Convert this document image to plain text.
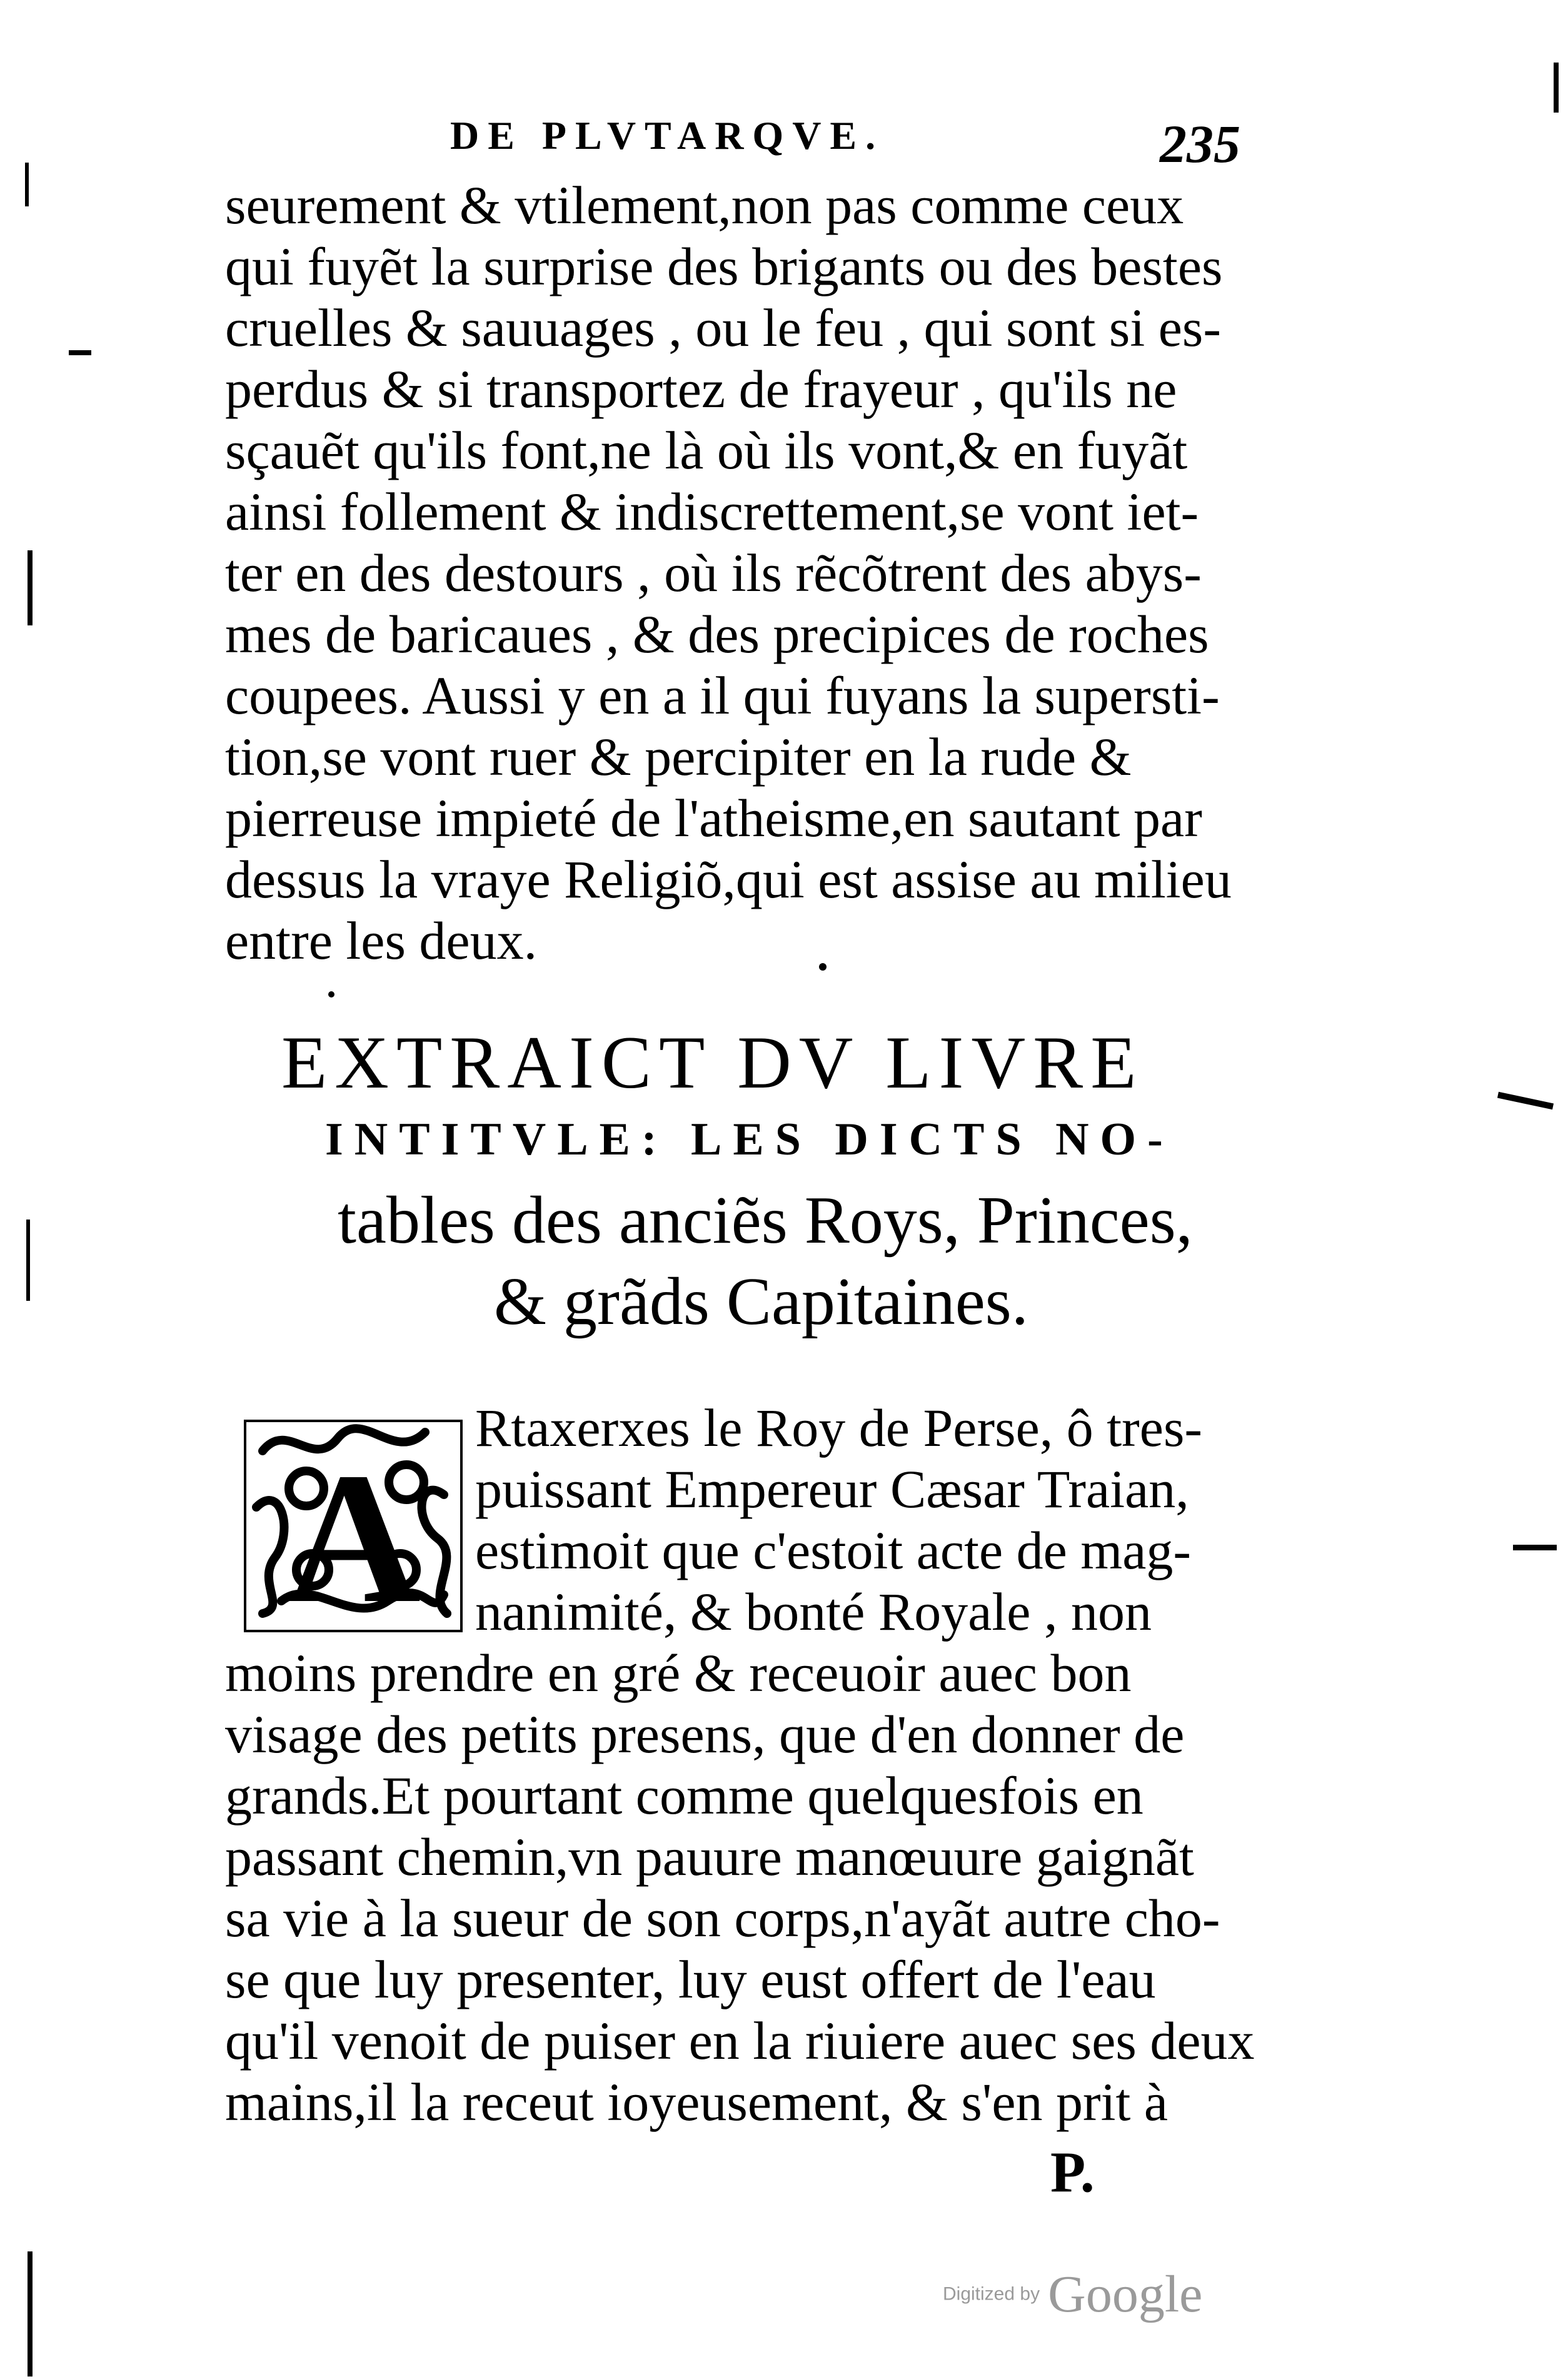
DE PLVTARQVE.	235
seurement & vtilement,non pas comme ceux
qui fuyẽt la surprise des brigants ou des bestes
cruelles & sauuages , ou le feu , qui sont si es-
perdus & si transportez de frayeur , qu'ils ne
sçauẽt qu'ils font,ne là où ils vont,& en fuyãt
ainsi follement & indiscrettement,se vont iet-
ter en des destours , où ils rẽcõtrent des abys-
mes de baricaues , & des precipices de roches
coupees. Aussi y en a il qui fuyans la supersti-
tion,se vont ruer & percipiter en la rude &
pierreuse impieté de l'atheisme,en sautant par
dessus la vraye Religiõ,qui est assise au milieu
entre les deux.
EXTRAICT DV LIVRE
INTITVLE: LES DICTS NO-
tables des anciẽs Roys, Princes,
& grãds Capitaines.
A
Rtaxerxes le Roy de Perse, ô tres-
puissant Empereur Cæsar Traian,
estimoit que c'estoit acte de mag-
nanimité, & bonté Royale , non
moins prendre en gré & receuoir auec bon
visage des petits presens, que d'en donner de
grands.Et pourtant comme quelquesfois en
passant chemin,vn pauure manœuure gaignãt
sa vie à la sueur de son corps,n'ayãt autre cho-
se que luy presenter, luy eust offert de l'eau
qu'il venoit de puiser en la riuiere auec ses deux
mains,il la receut ioyeusement, & s'en prit à
P.
Digitized by Google
